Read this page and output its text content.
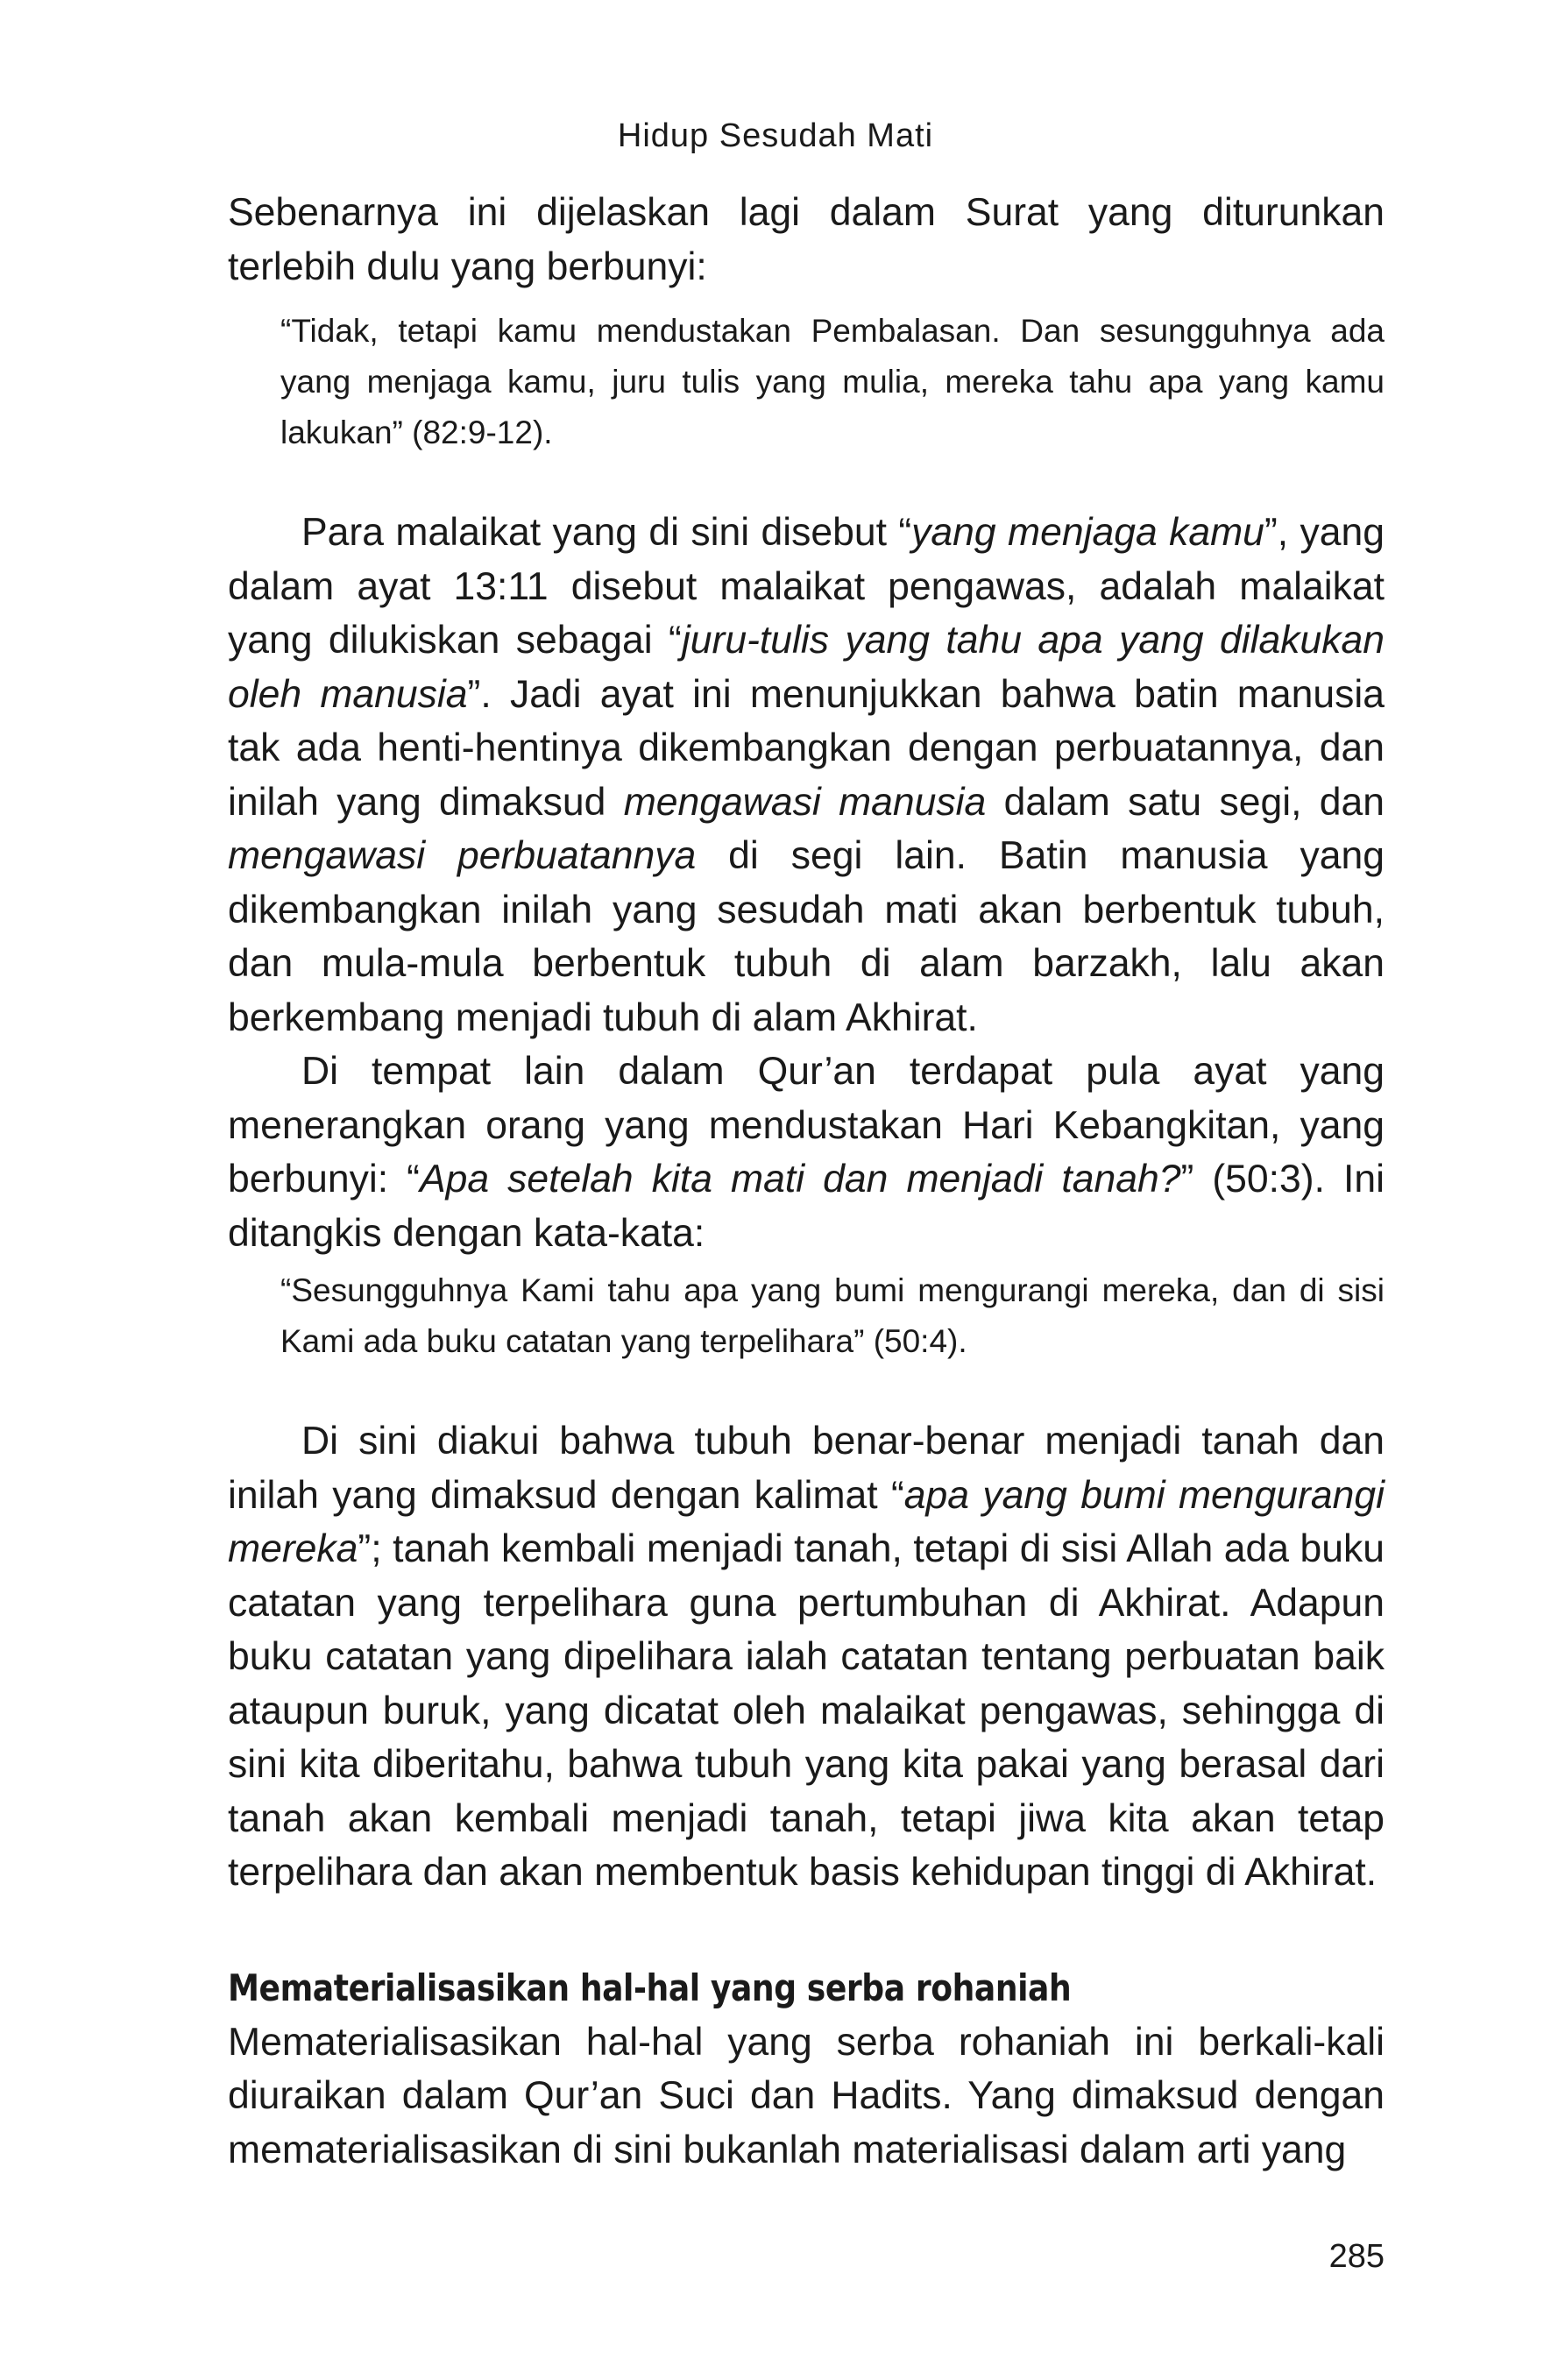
Hidup Sesudah Mati

Sebenarnya ini dijelaskan lagi dalam Surat yang diturunkan terlebih dulu yang berbunyi:

“Tidak, tetapi kamu mendustakan Pembalasan. Dan sesungguhnya ada yang menjaga kamu, juru tulis yang mulia, mereka tahu apa yang kamu lakukan” (82:9-12).

Para malaikat yang di sini disebut “yang menjaga kamu”, yang dalam ayat 13:11 disebut malaikat pengawas, adalah malaikat yang dilukiskan sebagai “juru-tulis yang tahu apa yang dilakukan oleh manusia”. Jadi ayat ini menunjukkan bahwa batin manusia tak ada henti-hentinya dikembangkan dengan perbuatannya, dan inilah yang dimaksud mengawasi manusia dalam satu segi, dan mengawasi perbuatannya di segi lain. Batin manusia yang dikembangkan inilah yang sesudah mati akan berbentuk tubuh, dan mula-mula berbentuk tubuh di alam barzakh, lalu akan berkembang menjadi tubuh di alam Akhirat.

Di tempat lain dalam Qur’an terdapat pula ayat yang menerangkan orang yang mendustakan Hari Kebangkitan, yang berbunyi: “Apa setelah kita mati dan menjadi tanah?” (50:3). Ini ditangkis dengan kata-kata:

“Sesungguhnya Kami tahu apa yang bumi mengurangi mereka, dan di sisi Kami ada buku catatan yang terpelihara” (50:4).

Di sini diakui bahwa tubuh benar-benar menjadi tanah dan inilah yang dimaksud dengan kalimat “apa yang bumi mengurangi mereka”; tanah kembali menjadi tanah, tetapi di sisi Allah ada buku catatan yang terpelihara guna pertumbuhan di Akhirat. Adapun buku catatan yang dipelihara ialah catatan tentang perbuatan baik ataupun buruk, yang dicatat oleh malaikat pengawas, sehingga di sini kita diberitahu, bahwa tubuh yang kita pakai yang berasal dari tanah akan kembali menjadi tanah, tetapi jiwa kita akan tetap terpelihara dan akan membentuk basis kehidupan tinggi di Akhirat.

Mematerialisasikan hal-hal yang serba rohaniah

Mematerialisasikan hal-hal yang serba rohaniah ini berkali-kali diuraikan dalam Qur’an Suci dan Hadits. Yang dimaksud dengan mematerialisasikan di sini bukanlah materialisasi dalam arti yang

285
